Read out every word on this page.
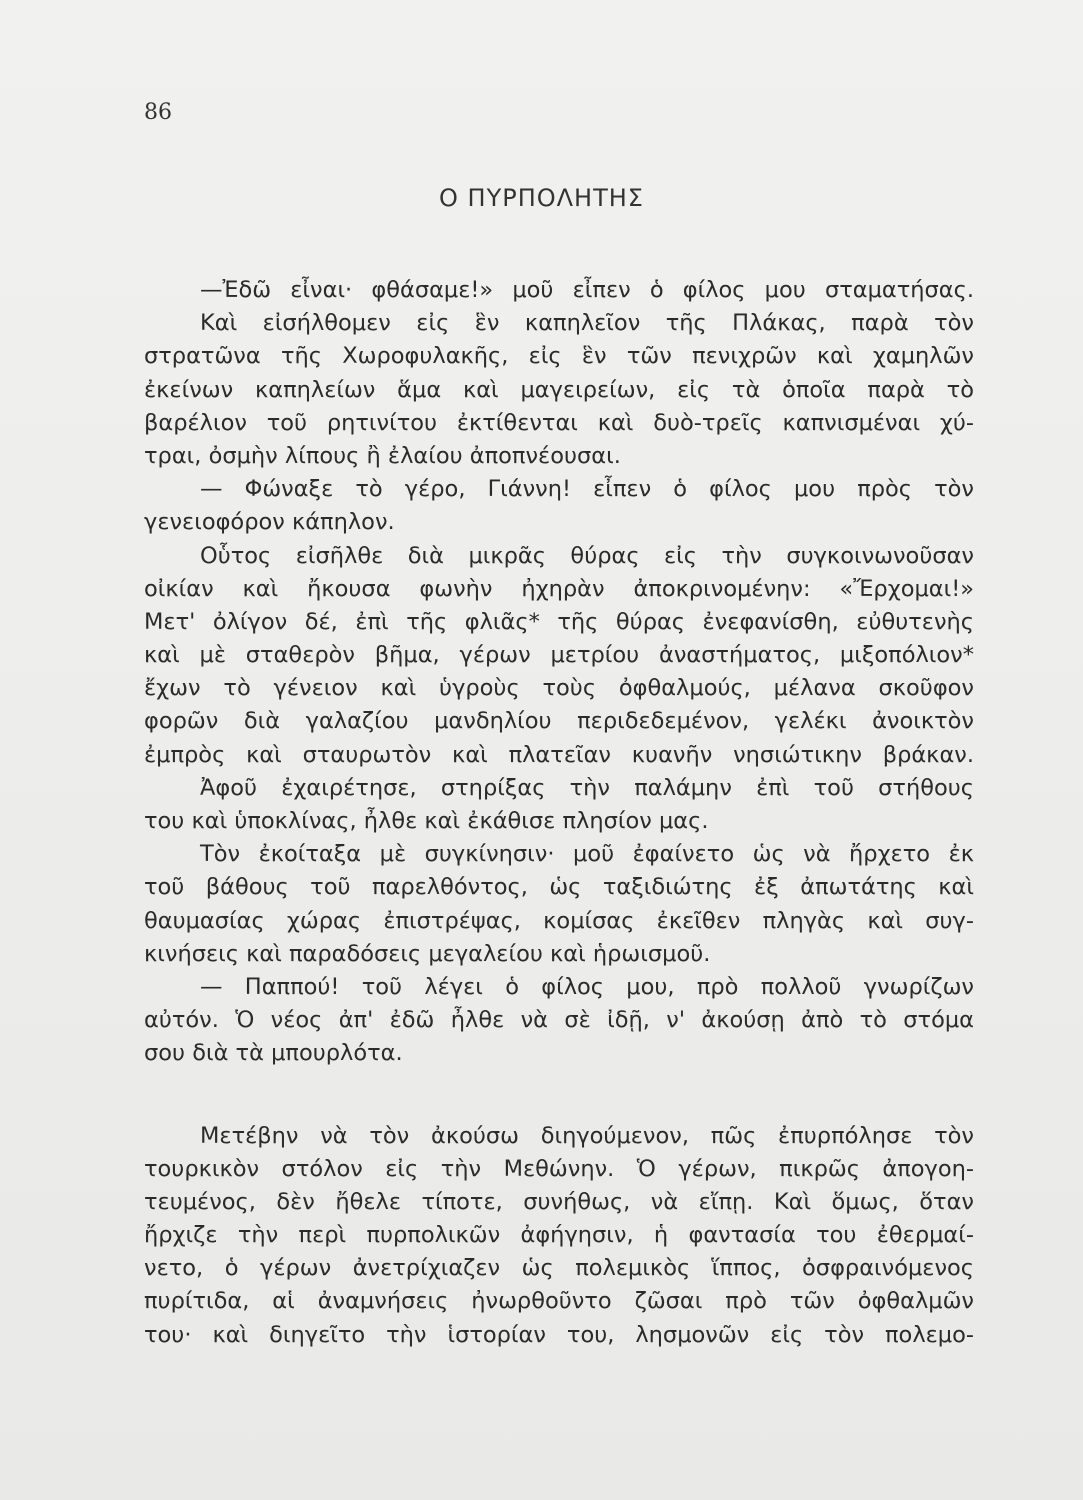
86
Ο ΠΥΡΠΟΛΗΤΗΣ
—Ἐδῶ εἶναι· φθάσαμε!» μοῦ εἶπεν ὁ φίλος μου σταματήσας.
Καὶ εἰσήλθομεν εἰς ἓν καπηλεῖον τῆς Πλάκας, παρὰ τὸν
στρατῶνα τῆς Χωροφυλακῆς, εἰς ἓν τῶν πενιχρῶν καὶ χαμηλῶν
ἐκείνων καπηλείων ἅμα καὶ μαγειρείων, εἰς τὰ ὁποῖα παρὰ τὸ
βαρέλιον τοῦ ρητινίτου ἐκτίθενται καὶ δυὸ-τρεῖς καπνισμέναι χύ-
τραι, ὀσμὴν λίπους ἢ ἐλαίου ἀποπνέουσαι.
— Φώναξε τὸ γέρο, Γιάννη! εἶπεν ὁ φίλος μου πρὸς τὸν
γενειοφόρον κάπηλον.
Οὗτος εἰσῆλθε διὰ μικρᾶς θύρας εἰς τὴν συγκοινωνοῦσαν
οἰκίαν καὶ ἤκουσα φωνὴν ἠχηρὰν ἀποκρινομένην: «Ἔρχομαι!»
Μετ' ὀλίγον δέ, ἐπὶ τῆς φλιᾶς* τῆς θύρας ἐνεφανίσθη, εὐθυτενὴς
καὶ μὲ σταθερὸν βῆμα, γέρων μετρίου ἀναστήματος, μιξοπόλιον*
ἔχων τὸ γένειον καὶ ὑγροὺς τοὺς ὀφθαλμούς, μέλανα σκοῦφον
φορῶν διὰ γαλαζίου μανδηλίου περιδεδεμένον, γελέκι ἀνοικτὸν
ἐμπρὸς καὶ σταυρωτὸν καὶ πλατεῖαν κυανῆν νησιώτικην βράκαν.
Ἀφοῦ ἐχαιρέτησε, στηρίξας τὴν παλάμην ἐπὶ τοῦ στήθους
του καὶ ὑποκλίνας, ἦλθε καὶ ἐκάθισε πλησίον μας.
Τὸν ἐκοίταξα μὲ συγκίνησιν· μοῦ ἐφαίνετο ὡς νὰ ἤρχετο ἐκ
τοῦ βάθους τοῦ παρελθόντος, ὡς ταξιδιώτης ἐξ ἀπωτάτης καὶ
θαυμασίας χώρας ἐπιστρέψας, κομίσας ἐκεῖθεν πληγὰς καὶ συγ-
κινήσεις καὶ παραδόσεις μεγαλείου καὶ ἡρωισμοῦ.
— Παππού! τοῦ λέγει ὁ φίλος μου, πρὸ πολλοῦ γνωρίζων
αὐτόν. Ὁ νέος ἀπ' ἐδῶ ἦλθε νὰ σὲ ἰδῇ, ν' ἀκούσῃ ἀπὸ τὸ στόμα
σου διὰ τὰ μπουρλότα.
Μετέβην νὰ τὸν ἀκούσω διηγούμενον, πῶς ἐπυρπόλησε τὸν
τουρκικὸν στόλον εἰς τὴν Μεθώνην. Ὁ γέρων, πικρῶς ἀπογοη-
τευμένος, δὲν ἤθελε τίποτε, συνήθως, νὰ εἴπῃ. Καὶ ὅμως, ὅταν
ἤρχιζε τὴν περὶ πυρπολικῶν ἀφήγησιν, ἡ φαντασία του ἐθερμαί-
νετο, ὁ γέρων ἀνετρίχιαζεν ὡς πολεμικὸς ἵππος, ὀσφραινόμενος
πυρίτιδα, αἱ ἀναμνήσεις ἠνωρθοῦντο ζῶσαι πρὸ τῶν ὀφθαλμῶν
του· καὶ διηγεῖτο τὴν ἱστορίαν του, λησμονῶν εἰς τὸν πολεμο-
